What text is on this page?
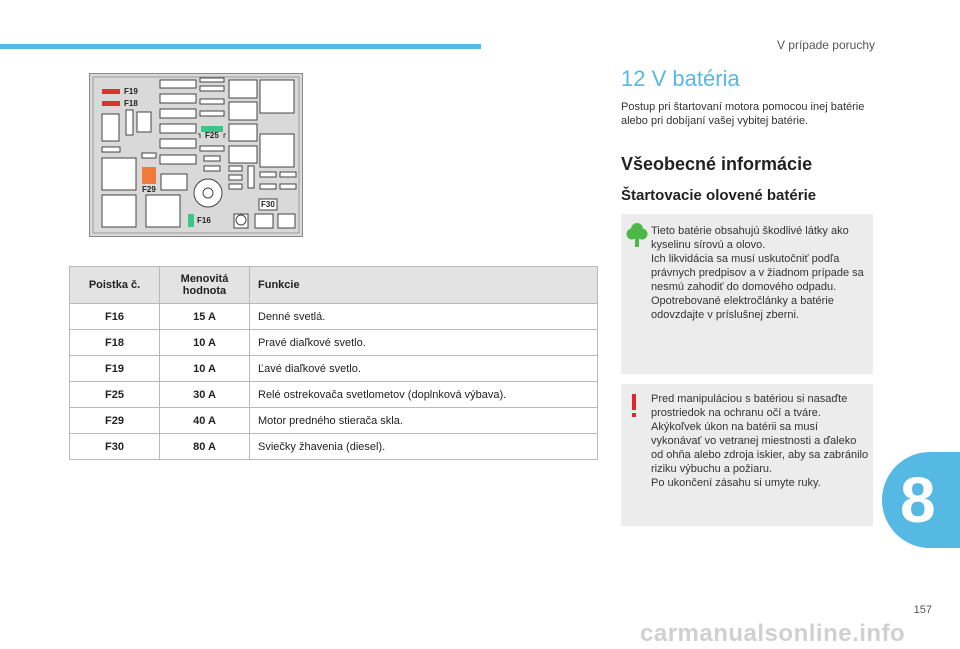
V prípade poruchy
F19
F18
F25
F29
F30
F16
Poistka č.	Menovitá hodnota	Funkcie
F16	15 A	Denné svetlá.
F18	10 A	Pravé diaľkové svetlo.
F19	10 A	Ľavé diaľkové svetlo.
F25	30 A	Relé ostrekovača svetlometov (doplnková výbava).
F29	40 A	Motor predného stierača skla.
F30	80 A	Sviečky žhavenia (diesel).
12 V batéria

Postup pri štartovaní motora pomocou inej batérie alebo pri dobíjaní vašej vybitej batérie.

Všeobecné informácie
Štartovacie olovené batérie

Tieto batérie obsahujú škodlivé látky ako kyselinu sírovú a olovo.
Ich likvidácia sa musí uskutočniť podľa právnych predpisov a v žiadnom prípade sa nesmú zahodiť do domového odpadu.
Opotrebované elektročlánky a batérie odovzdajte v príslušnej zberni.

Pred manipuláciou s batériou si nasaďte prostriedok na ochranu očí a tváre.
Akýkoľvek úkon na batérii sa musí vykonávať vo vetranej miestnosti a ďaleko od ohňa alebo zdroja iskier, aby sa zabránilo riziku výbuchu a požiaru.
Po ukončení zásahu si umyte ruky.	8
157
carmanualsonline.info
